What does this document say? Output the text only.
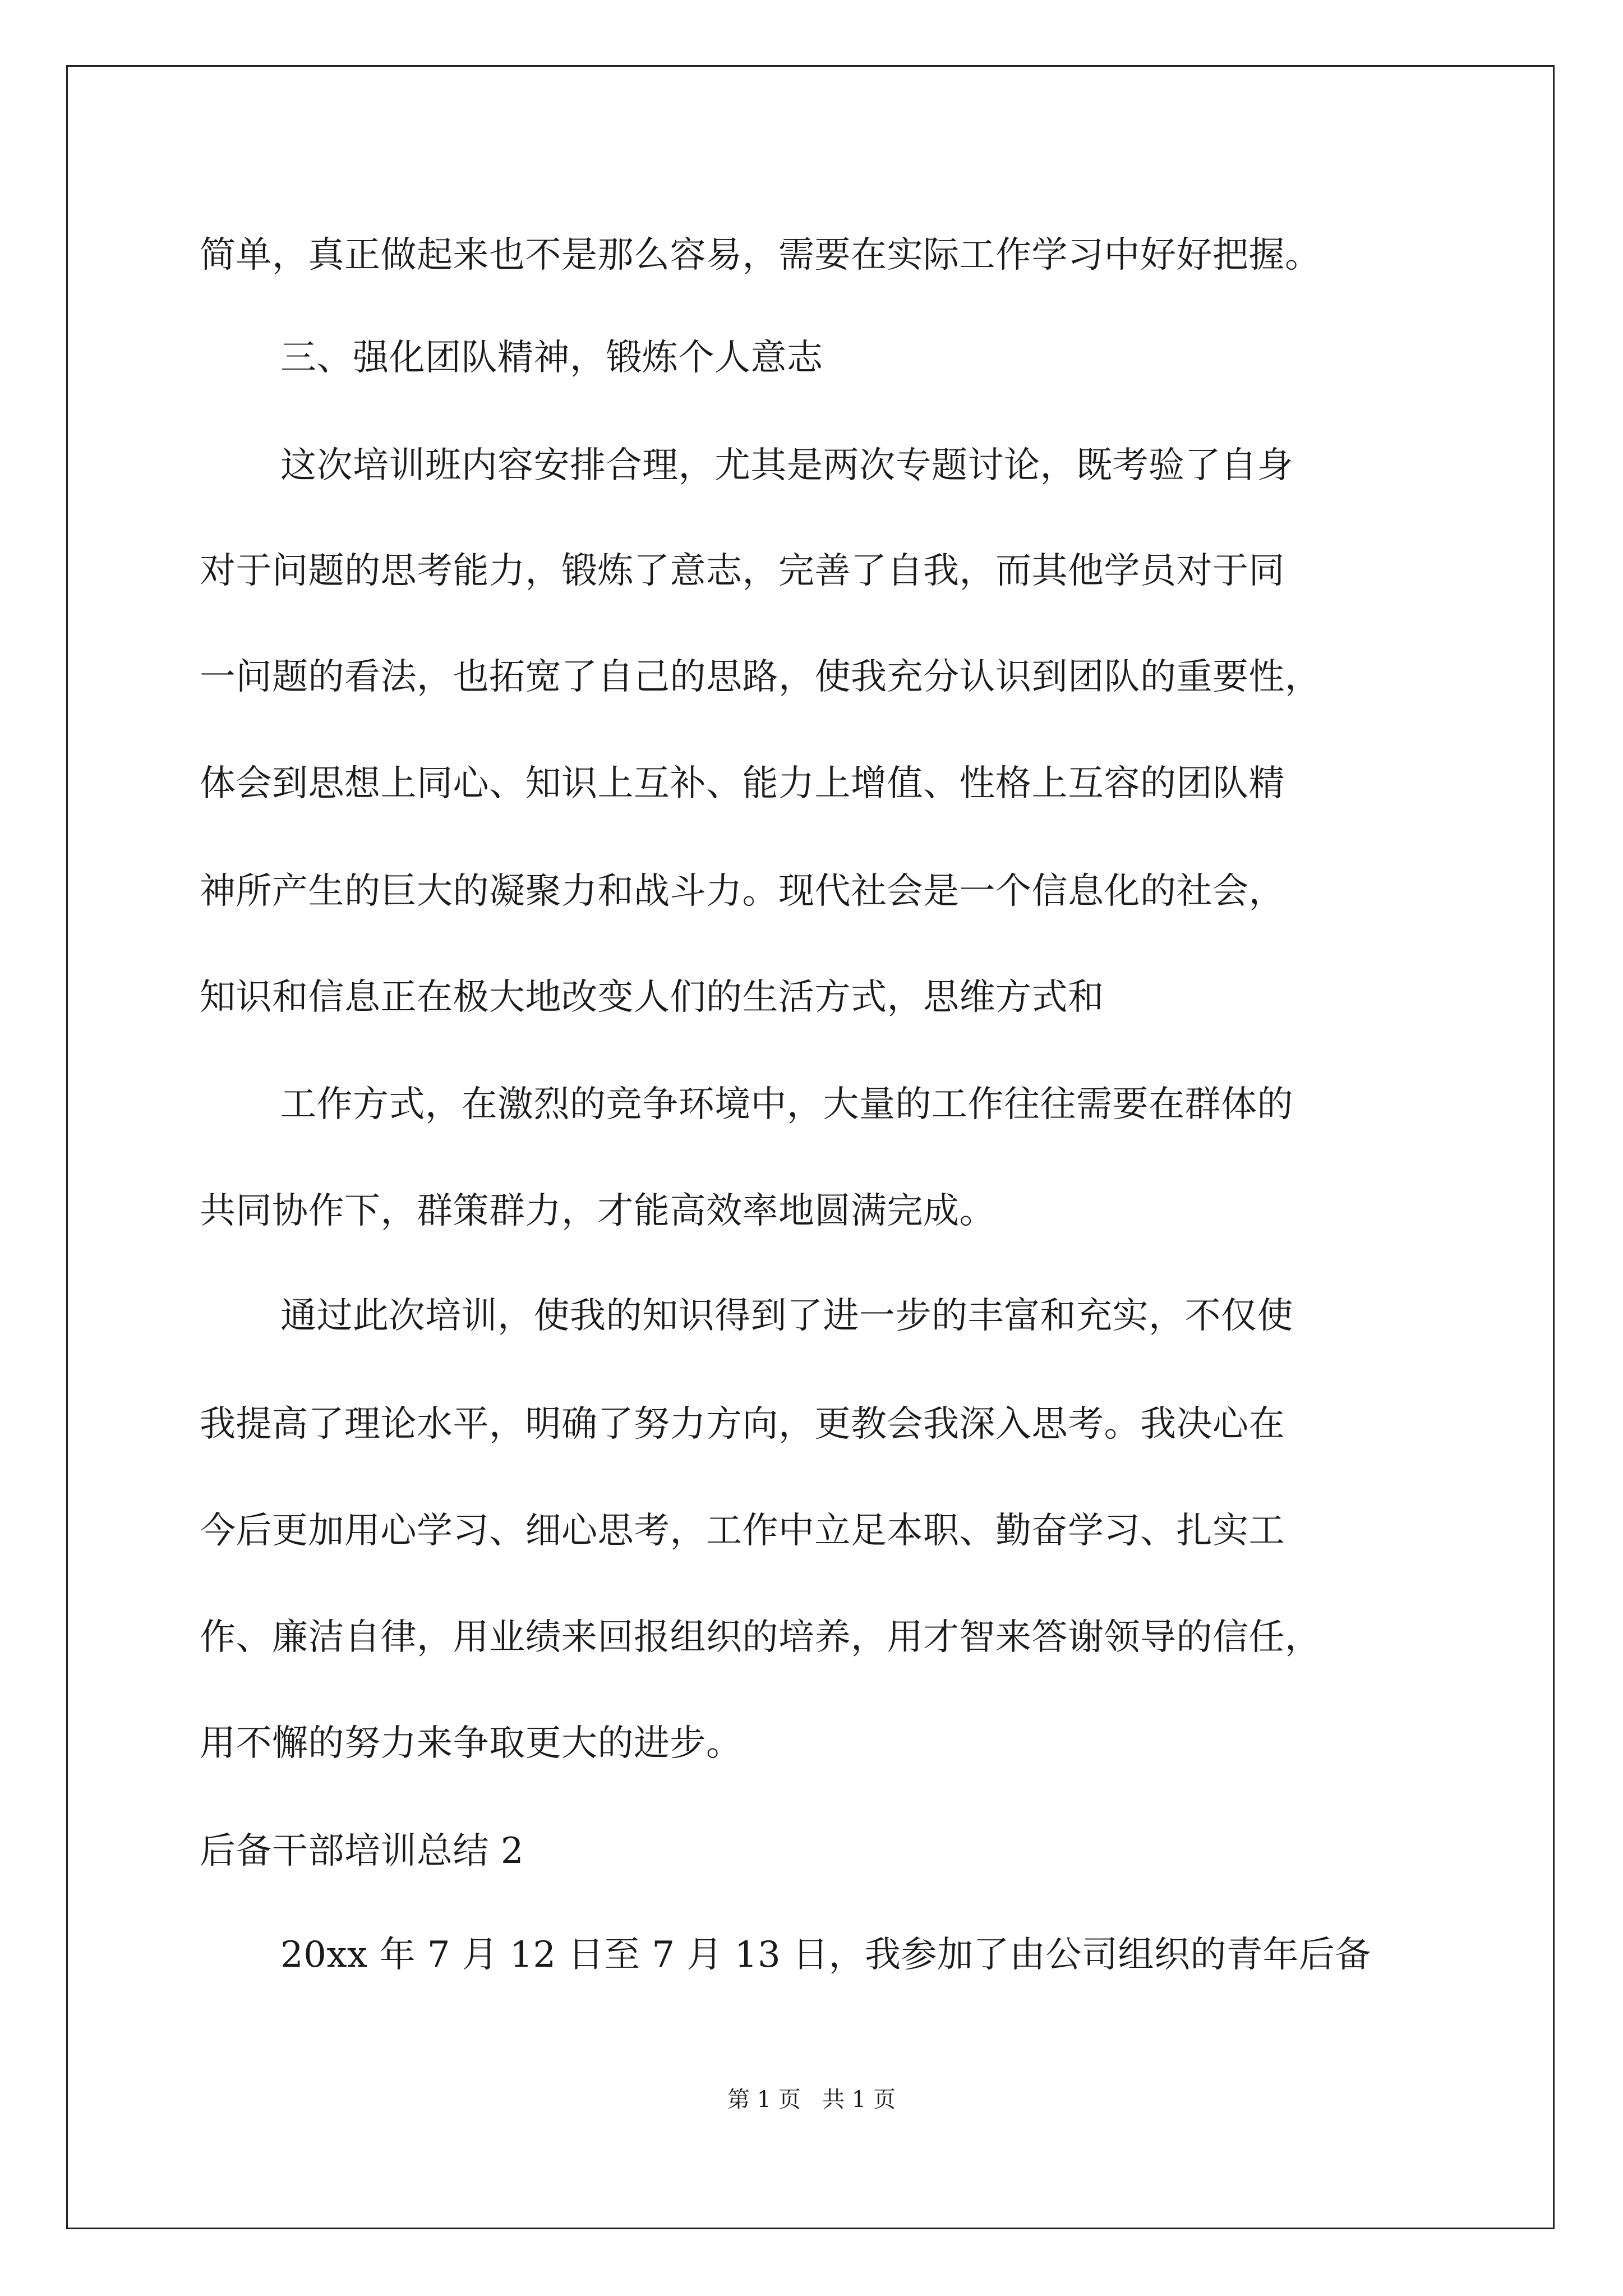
简单，真正做起来也不是那么容易，需要在实际工作学习中好好把握。
三、强化团队精神，锻炼个人意志
这次培训班内容安排合理，尤其是两次专题讨论，既考验了自身
对于问题的思考能力，锻炼了意志，完善了自我，而其他学员对于同
一问题的看法，也拓宽了自己的思路，使我充分认识到团队的重要性，
体会到思想上同心、知识上互补、能力上增值、性格上互容的团队精
神所产生的巨大的凝聚力和战斗力。现代社会是一个信息化的社会，
知识和信息正在极大地改变人们的生活方式，思维方式和
工作方式，在激烈的竞争环境中，大量的工作往往需要在群体的
共同协作下，群策群力，才能高效率地圆满完成。
通过此次培训，使我的知识得到了进一步的丰富和充实，不仅使
我提高了理论水平，明确了努力方向，更教会我深入思考。我决心在
今后更加用心学习、细心思考，工作中立足本职、勤奋学习、扎实工
作、廉洁自律，用业绩来回报组织的培养，用才智来答谢领导的信任，
用不懈的努力来争取更大的进步。
后备干部培训总结 2
20xx 年 7 月 12 日至 7 月 13 日，我参加了由公司组织的青年后备
第 1 页   共 1 页
